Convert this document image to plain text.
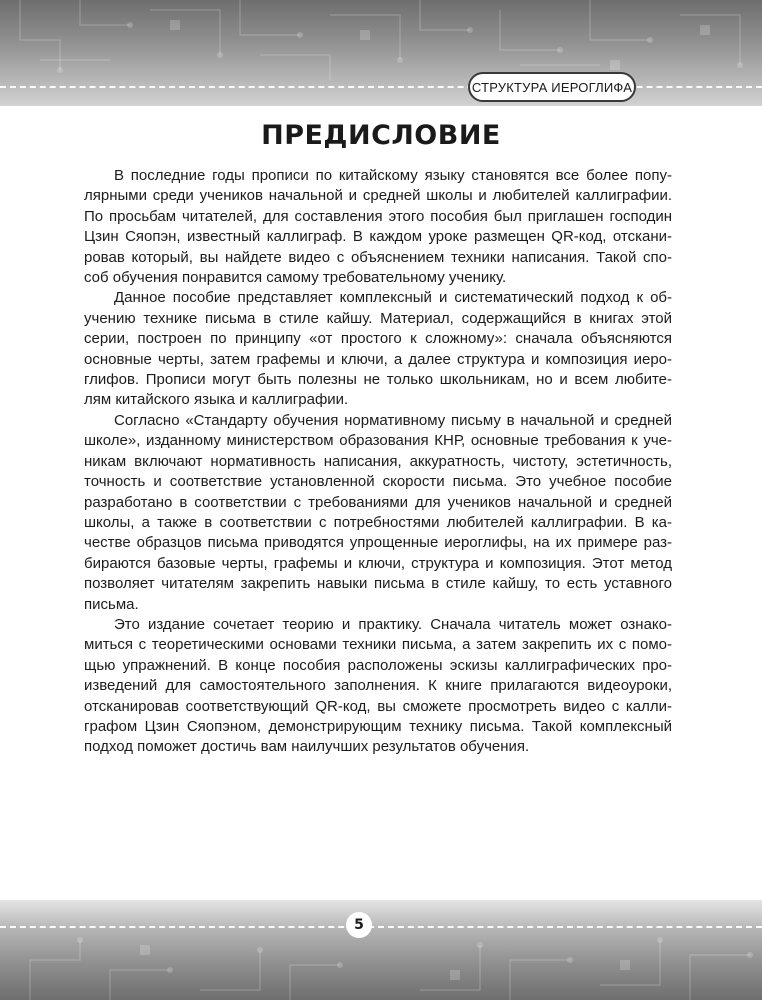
СТРУКТУРА ИЕРОГЛИФА
ПРЕДИСЛОВИЕ
В последние годы прописи по китайскому языку становятся все более попу-
лярными среди учеников начальной и средней школы и любителей каллиграфии.
По просьбам читателей, для составления этого пособия был приглашен господин
Цзин Сяопэн, известный каллиграф. В каждом уроке размещен QR-код, отскани-
ровав который, вы найдете видео с объяснением техники написания. Такой спо-
соб обучения понравится самому требовательному ученику.
Данное пособие представляет комплексный и систематический подход к об-
учению технике письма в стиле кайшу. Материал, содержащийся в книгах этой
серии, построен по принципу «от простого к сложному»: сначала объясняются
основные черты, затем графемы и ключи, а далее структура и композиция иеро-
глифов. Прописи могут быть полезны не только школьникам, но и всем любите-
лям китайского языка и каллиграфии.
Согласно «Стандарту обучения нормативному письму в начальной и средней
школе», изданному министерством образования КНР, основные требования к уче-
никам включают нормативность написания, аккуратность, чистоту, эстетичность,
точность и соответствие установленной скорости письма. Это учебное пособие
разработано в соответствии с требованиями для учеников начальной и средней
школы, а также в соответствии с потребностями любителей каллиграфии. В ка-
честве образцов письма приводятся упрощенные иероглифы, на их примере раз-
бираются базовые черты, графемы и ключи, структура и композиция. Этот метод
позволяет читателям закрепить навыки письма в стиле кайшу, то есть уставного
письма.
Это издание сочетает теорию и практику. Сначала читатель может ознако-
миться с теоретическими основами техники письма, а затем закрепить их с помо-
щью упражнений. В конце пособия расположены эскизы каллиграфических про-
изведений для самостоятельного заполнения. К книге прилагаются видеоуроки,
отсканировав соответствующий QR-код, вы сможете просмотреть видео с калли-
графом Цзин Сяопэном, демонстрирующим технику письма. Такой комплексный
подход поможет достичь вам наилучших результатов обучения.
5
